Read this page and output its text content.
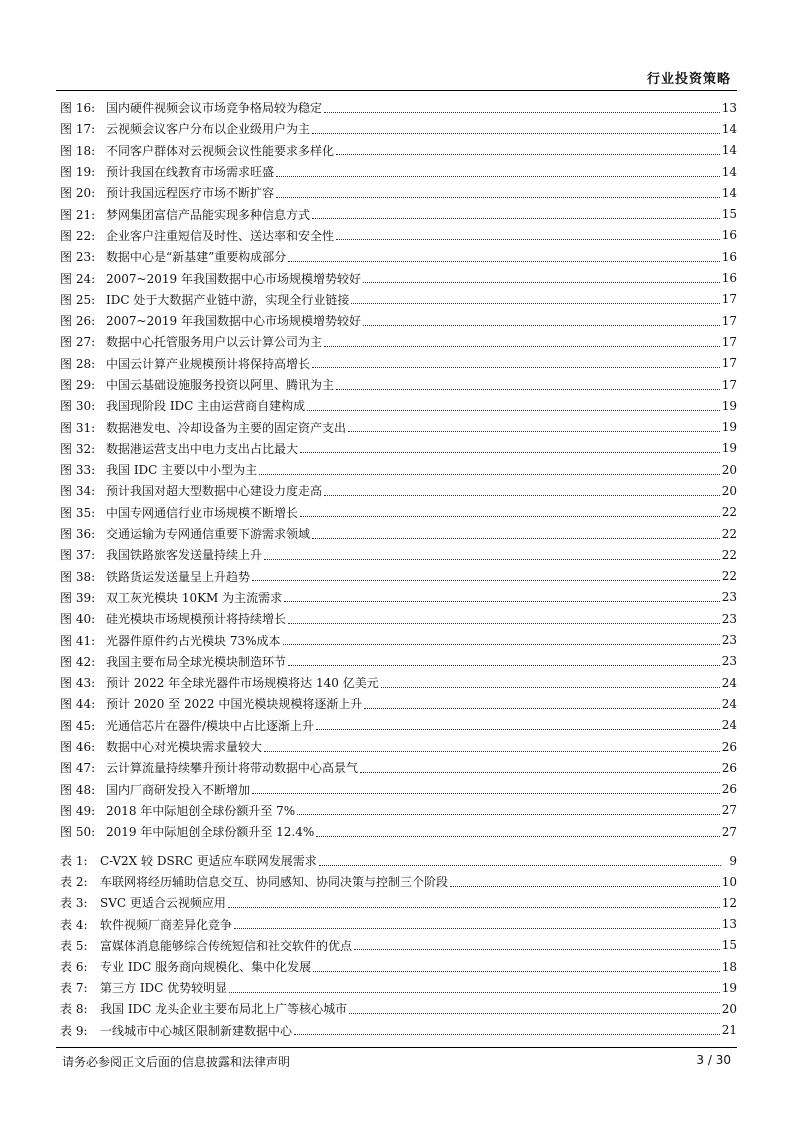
行业投资策略
图 16: 国内硬件视频会议市场竞争格局较为稳定	13
图 17: 云视频会议客户分布以企业级用户为主	14
图 18: 不同客户群体对云视频会议性能要求多样化	14
图 19: 预计我国在线教育市场需求旺盛	14
图 20: 预计我国远程医疗市场不断扩容	14
图 21: 梦网集团富信产品能实现多种信息方式	15
图 22: 企业客户注重短信及时性、送达率和安全性	16
图 23: 数据中心是“新基建”重要构成部分	16
图 24: 2007~2019 年我国数据中心市场规模增势较好	16
图 25: IDC 处于大数据产业链中游，实现全行业链接	17
图 26: 2007~2019 年我国数据中心市场规模增势较好	17
图 27: 数据中心托管服务用户以云计算公司为主	17
图 28: 中国云计算产业规模预计将保持高增长	17
图 29: 中国云基础设施服务投资以阿里、腾讯为主	17
图 30: 我国现阶段 IDC 主由运营商自建构成	19
图 31: 数据港发电、冷却设备为主要的固定资产支出	19
图 32: 数据港运营支出中电力支出占比最大	19
图 33: 我国 IDC 主要以中小型为主	20
图 34: 预计我国对超大型数据中心建设力度走高	20
图 35: 中国专网通信行业市场规模不断增长	22
图 36: 交通运输为专网通信重要下游需求领域	22
图 37: 我国铁路旅客发送量持续上升	22
图 38: 铁路货运发送量呈上升趋势	22
图 39: 双工灰光模块 10KM 为主流需求	23
图 40: 硅光模块市场规模预计将持续增长	23
图 41: 光器件原件约占光模块 73%成本	23
图 42: 我国主要布局全球光模块制造环节	23
图 43: 预计 2022 年全球光器件市场规模将达 140 亿美元	24
图 44: 预计 2020 至 2022 中国光模块规模将逐渐上升	24
图 45: 光通信芯片在器件/模块中占比逐渐上升	24
图 46: 数据中心对光模块需求量较大	26
图 47: 云计算流量持续攀升预计将带动数据中心高景气	26
图 48: 国内厂商研发投入不断增加	26
图 49: 2018 年中际旭创全球份额升至 7%	27
图 50: 2019 年中际旭创全球份额升至 12.4%	27
表 1:	C-V2X 较 DSRC 更适应车联网发展需求	9
表 2:	车联网将经历辅助信息交互、协同感知、协同决策与控制三个阶段	10
表 3:	SVC 更适合云视频应用	12
表 4:	软件视频厂商差异化竞争	13
表 5:	富媒体消息能够综合传统短信和社交软件的优点	15
表 6:	专业 IDC 服务商向规模化、集中化发展	18
表 7:	第三方 IDC 优势较明显	19
表 8:	我国 IDC 龙头企业主要布局北上广等核心城市	20
表 9:	一线城市中心城区限制新建数据中心	21
请务必参阅正文后面的信息披露和法律声明	3 / 30
